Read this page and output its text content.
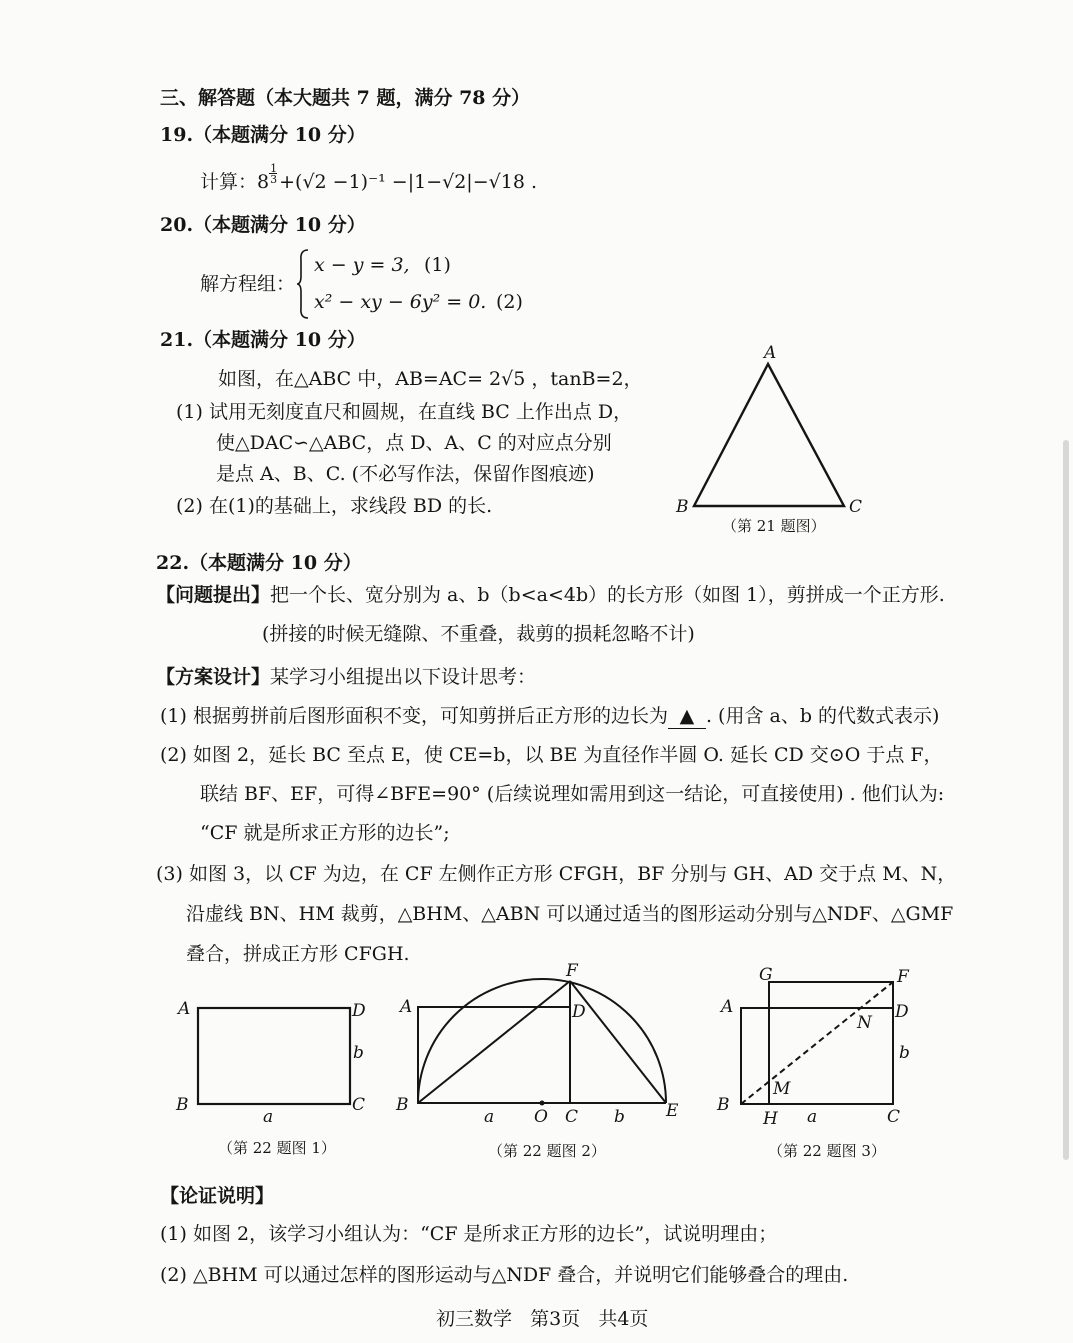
三、解答题（本大题共 7 题，满分 78 分）
19.（本题满分 10 分）
计算：8
$\frac{1}{3}$
+(√2 −1)⁻¹ −|1−√2|−√18 .
20.（本题满分 10 分）
解方程组：
x − y = 3, (1)
x² − xy − 6y² = 0. (2)
21.（本题满分 10 分）
如图，在△ABC 中，AB=AC= 2√5 ，tanB=2，
(1) 试用无刻度直尺和圆规，在直线 BC 上作出点 D，
使△DAC∽△ABC，点 D、A、C 的对应点分别
是点 A、B、C. (不必写作法，保留作图痕迹)
(2) 在(1)的基础上，求线段 BD 的长.
A
B	C
（第 21 题图）
22.（本题满分 10 分）
【问题提出】把一个长、宽分别为 a、b（b<a<4b）的长方形（如图 1），剪拼成一个正方形.
(拼接的时候无缝隙、不重叠，裁剪的损耗忽略不计)
【方案设计】某学习小组提出以下设计思考：
(1) 根据剪拼前后图形面积不变，可知剪拼后正方形的边长为 ▲ . (用含 a、b 的代数式表示)
(2) 如图 2，延长 BC 至点 E，使 CE=b，以 BE 为直径作半圆 O. 延长 CD 交⊙O 于点 F，
联结 BF、EF，可得∠BFE=90° (后续说理如需用到这一结论，可直接使用) . 他们认为:
“CF 就是所求正方形的边长”;
(3) 如图 3，以 CF 为边，在 CF 左侧作正方形 CFGH，BF 分别与 GH、AD 交于点 M、N，
沿虚线 BN、HM 裁剪，△BHM、△ABN 可以通过适当的图形运动分别与△NDF、△GMF
叠合，拼成正方形 CFGH.
A	D
B	C
b
a
（第 22 题图 1）
F
A	D
B	E
a O C b
（第 22 题图 2）
G	F
A	D
N
b
M
B
H a	C
（第 22 题图 3）
【论证说明】
(1) 如图 2，该学习小组认为：“CF 是所求正方形的边长”，试说明理由；
(2) △BHM 可以通过怎样的图形运动与△NDF 叠合，并说明它们能够叠合的理由.
初三数学   第3页   共4页
